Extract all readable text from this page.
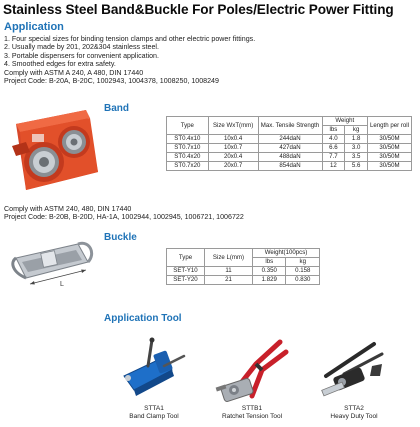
Stainless Steel Band&Buckle For Poles/Electric Power Fitting
Application
1. Four special sizes for binding tension clamps and other electric power fittings.
2. Usually made by 201, 202&304 stainless steel.
3. Portable dispensers for convenient application.
4. Smoothed edges for extra safety.
Comply with ASTM A 240, A 480, DIN 17440
Project Code: B-20A, B-20C, 1002943, 1004378, 1008250, 1008249
Band
Type	Size WxT(mm)	Max. Tensile Strength	Weight		Length per roll
			lbs	kg	
ST0.4x10	10x0.4	244daN	4.0	1.8	30/50M
ST0.7x10	10x0.7	427daN	6.6	3.0	30/50M
ST0.4x20	20x0.4	488daN	7.7	3.5	30/50M
ST0.7x20	20x0.7	854daN	12	5.6	30/50M
Comply with ASTM 240, 480, DIN 17440
Project Code: B-20B, B-20D, HA-1A, 1002944, 1002945, 1006721, 1006722
L
Buckle
Type	Size L(mm)	Weight(100pcs)	
		lbs	kg
SET-Y10	11	0.350	0.158
SET-Y20	21	1.829	0.830
Application Tool
STTA1
Band Clamp Tool
STTB1
Ratchet Tension Tool
STTA2
Heavy Duty Tool
